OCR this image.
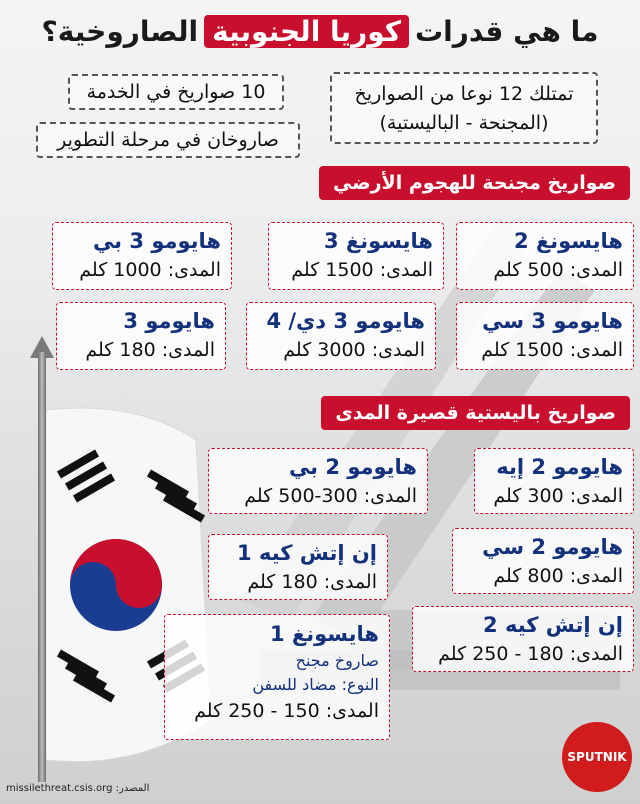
ما هي قدرات
كوريا الجنوبية
الصاروخية؟
تمتلك 12 نوعا من الصواريخ
(المجنحة - الباليستية)
10 صواريخ في الخدمة
صاروخان في مرحلة التطوير
صواريخ مجنحة للهجوم الأرضي
هايسونغ 2
المدى: 500 كلم
هايسونغ 3
المدى: 1500 كلم
هايومو 3 بي
المدى: 1000 كلم
هايومو 3 سي
المدى: 1500 كلم
هايومو 3 دي/ 4
المدى: 3000 كلم
هايومو 3
المدى: 180 كلم
صواريخ باليستية قصيرة المدى
هايومو 2 إيه
المدى: 300 كلم
هايومو 2 بي
المدى: 300-500 كلم
هايومو 2 سي
المدى: 800 كلم
إن إتش كيه 1
المدى: 180 كلم
إن إتش كيه 2
المدى: 180 - 250 كلم
هايسونغ 1
صاروخ مجنح
النوع: مضاد للسفن
المدى: 150 - 250 كلم
المصدر: missilethreat.csis.org
SPUTNIK
